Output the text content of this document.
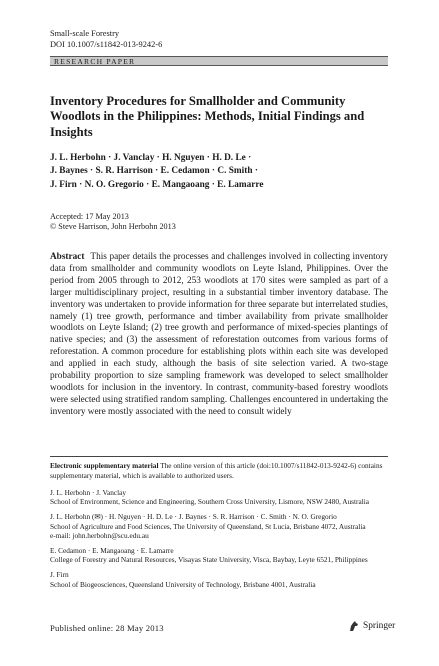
Small-scale Forestry
DOI 10.1007/s11842-013-9242-6
RESEARCH PAPER
Inventory Procedures for Smallholder and Community Woodlots in the Philippines: Methods, Initial Findings and Insights
J. L. Herbohn · J. Vanclay · H. Nguyen · H. D. Le ·
J. Baynes · S. R. Harrison · E. Cedamon · C. Smith ·
J. Firn · N. O. Gregorio · E. Mangaoang · E. Lamarre
Accepted: 17 May 2013
© Steve Harrison, John Herbohn 2013
Abstract This paper details the processes and challenges involved in collecting inventory data from smallholder and community woodlots on Leyte Island, Philippines. Over the period from 2005 through to 2012, 253 woodlots at 170 sites were sampled as part of a larger multidisciplinary project, resulting in a substantial timber inventory database. The inventory was undertaken to provide information for three separate but interrelated studies, namely (1) tree growth, performance and timber availability from private smallholder woodlots on Leyte Island; (2) tree growth and performance of mixed-species plantings of native species; and (3) the assessment of reforestation outcomes from various forms of reforestation. A common procedure for establishing plots within each site was developed and applied in each study, although the basis of site selection varied. A two-stage probability proportion to size sampling framework was developed to select smallholder woodlots for inclusion in the inventory. In contrast, community-based forestry woodlots were selected using stratified random sampling. Challenges encountered in undertaking the inventory were mostly associated with the need to consult widely
Electronic supplementary material The online version of this article (doi:10.1007/s11842-013-9242-6) contains supplementary material, which is available to authorized users.
J. L. Herbohn · J. Vanclay
School of Environment, Science and Engineering, Southern Cross University, Lismore, NSW 2480, Australia
J. L. Herbohn (✉) · H. Nguyen · H. D. Le · J. Baynes · S. R. Harrison · C. Smith · N. O. Gregorio
School of Agriculture and Food Sciences, The University of Queensland, St Lucia, Brisbane 4072, Australia
e-mail: john.herbohn@scu.edu.au
E. Cedamon · E. Mangaoang · E. Lamarre
College of Forestry and Natural Resources, Visayas State University, Visca, Baybay, Leyte 6521, Philippines
J. Firn
School of Biogeosciences, Queensland University of Technology, Brisbane 4001, Australia
Published online: 28 May 2013	Springer
